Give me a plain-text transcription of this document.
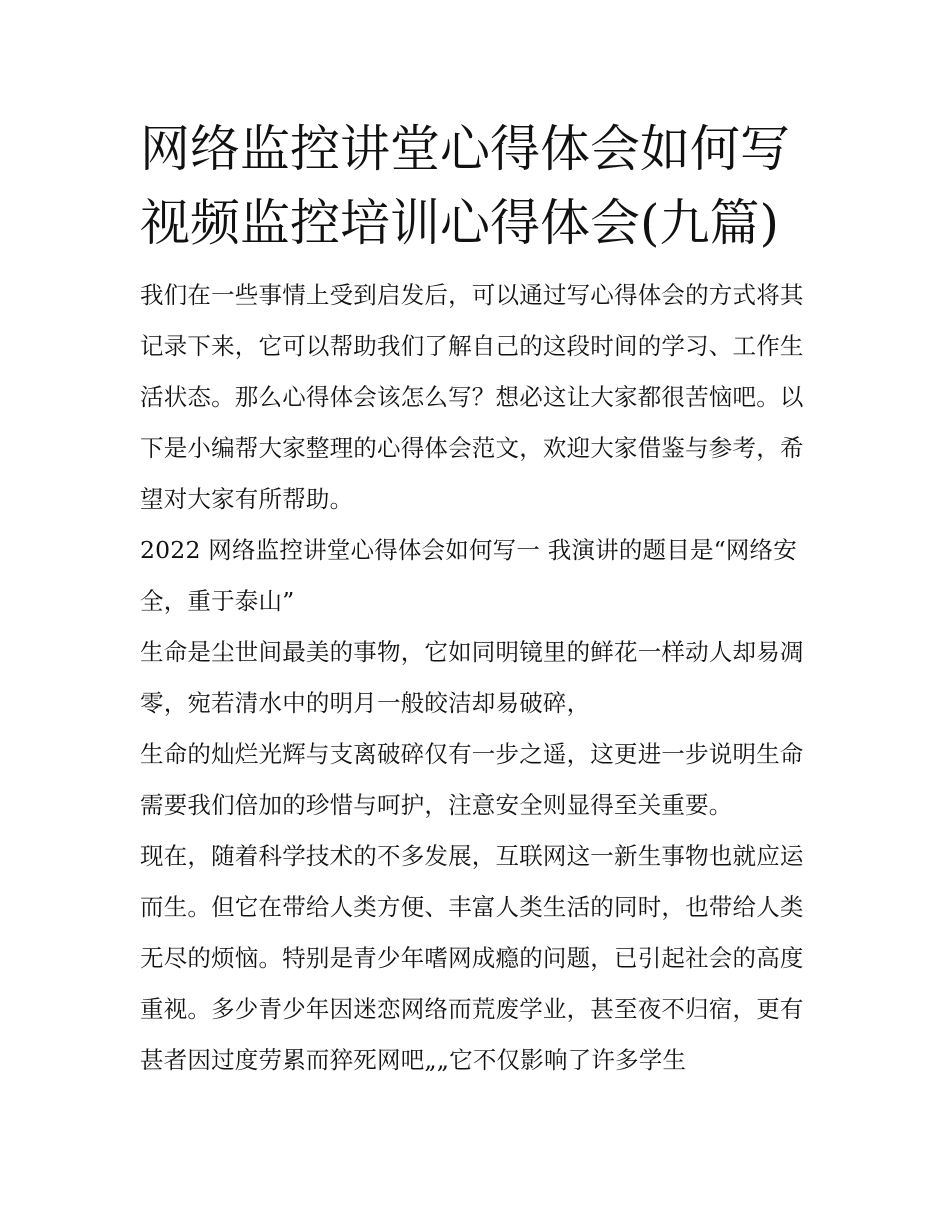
网络监控讲堂心得体会如何写
视频监控培训心得体会(九篇)

我们在一些事情上受到启发后，可以通过写心得体会的方式将其记录下来，它可以帮助我们了解自己的这段时间的学习、工作生活状态。那么心得体会该怎么写？想必这让大家都很苦恼吧。以下是小编帮大家整理的心得体会范文，欢迎大家借鉴与参考，希望对大家有所帮助。

2022 网络监控讲堂心得体会如何写一 我演讲的题目是“网络安全，重于泰山”

生命是尘世间最美的事物，它如同明镜里的鲜花一样动人却易凋零，宛若清水中的明月一般皎洁却易破碎，

生命的灿烂光辉与支离破碎仅有一步之遥，这更进一步说明生命需要我们倍加的珍惜与呵护，注意安全则显得至关重要。

现在，随着科学技术的不多发展，互联网这一新生事物也就应运而生。但它在带给人类方便、丰富人类生活的同时，也带给人类无尽的烦恼。特别是青少年嗜网成瘾的问题，已引起社会的高度重视。多少青少年因迷恋网络而荒废学业，甚至夜不归宿，更有甚者因过度劳累而猝死网吧„„它不仅影响了许多学生
